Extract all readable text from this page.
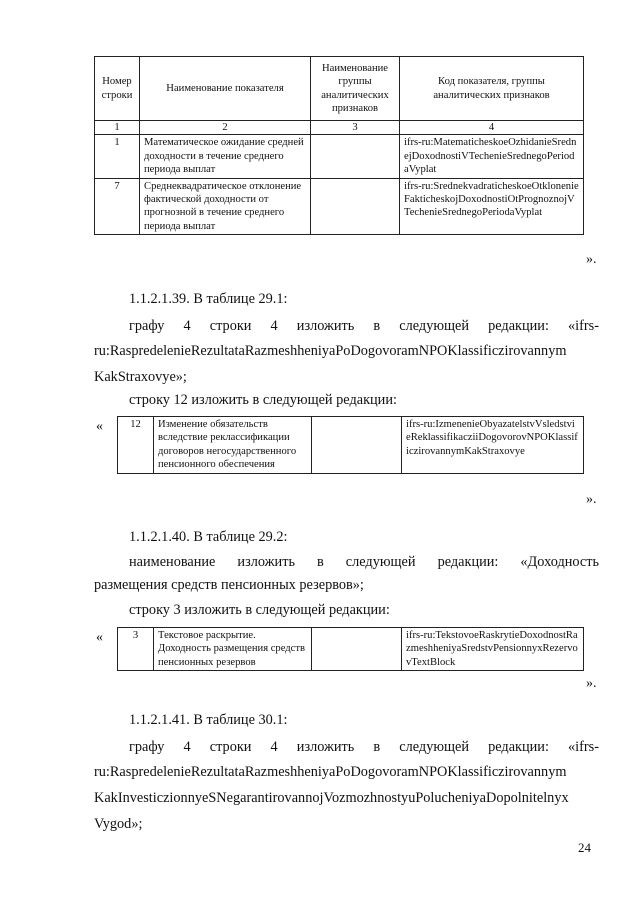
Номер строки	Наименование показателя	Наименование группы аналитических признаков	Код показателя, группы аналитических признаков
1	2	3	4
1	Математическое ожидание средней доходности в течение среднего периода выплат		ifrs-ru:MatematicheskoeOzhidanieSrednejDoxodnostiVTechenieSrednegoPeriodaVyplat
7	Среднеквадратическое отклонение фактической доходности от прогнозной в течение среднего периода выплат		ifrs-ru:SrednekvadraticheskoeOtklonenieFakticheskojDoxodnostiOtPrognoznojVTechenieSrednegoPeriodaVyplat
».
1.1.2.1.39. В таблице 29.1:
графу 4 строки 4 изложить в следующей редакции: «ifrs-
ru:RaspredelenieRezultataRazmeshheniyaPoDogovoramNPOKlassificzirovannym
KakStraxovye»;
строку 12 изложить в следующей редакции:
«	12	Изменение обязательств вследствие реклассификации договоров негосударственного пенсионного обеспечения		ifrs-ru:IzmenenieObyazatelstvVsledstvieReklassifikacziiDogovorovNPOKlassificzirovannymKakStraxovye
».
1.1.2.1.40. В таблице 29.2:
наименование изложить в следующей редакции: «Доходность
размещения средств пенсионных резервов»;
строку 3 изложить в следующей редакции:
«	3	Текстовое раскрытие. Доходность размещения средств пенсионных резервов		ifrs-ru:TekstovoeRaskrytieDoxodnostRazmeshheniyaSredstvPensionnyxRezervovTextBlock
».
1.1.2.1.41. В таблице 30.1:
графу 4 строки 4 изложить в следующей редакции: «ifrs-
ru:RaspredelenieRezultataRazmeshheniyaPoDogovoramNPOKlassificzirovannym
KakInvesticzionnyeSNegarantirovannojVozmozhnostyuPolucheniyaDopolnitelnyx
Vygod»;
24
